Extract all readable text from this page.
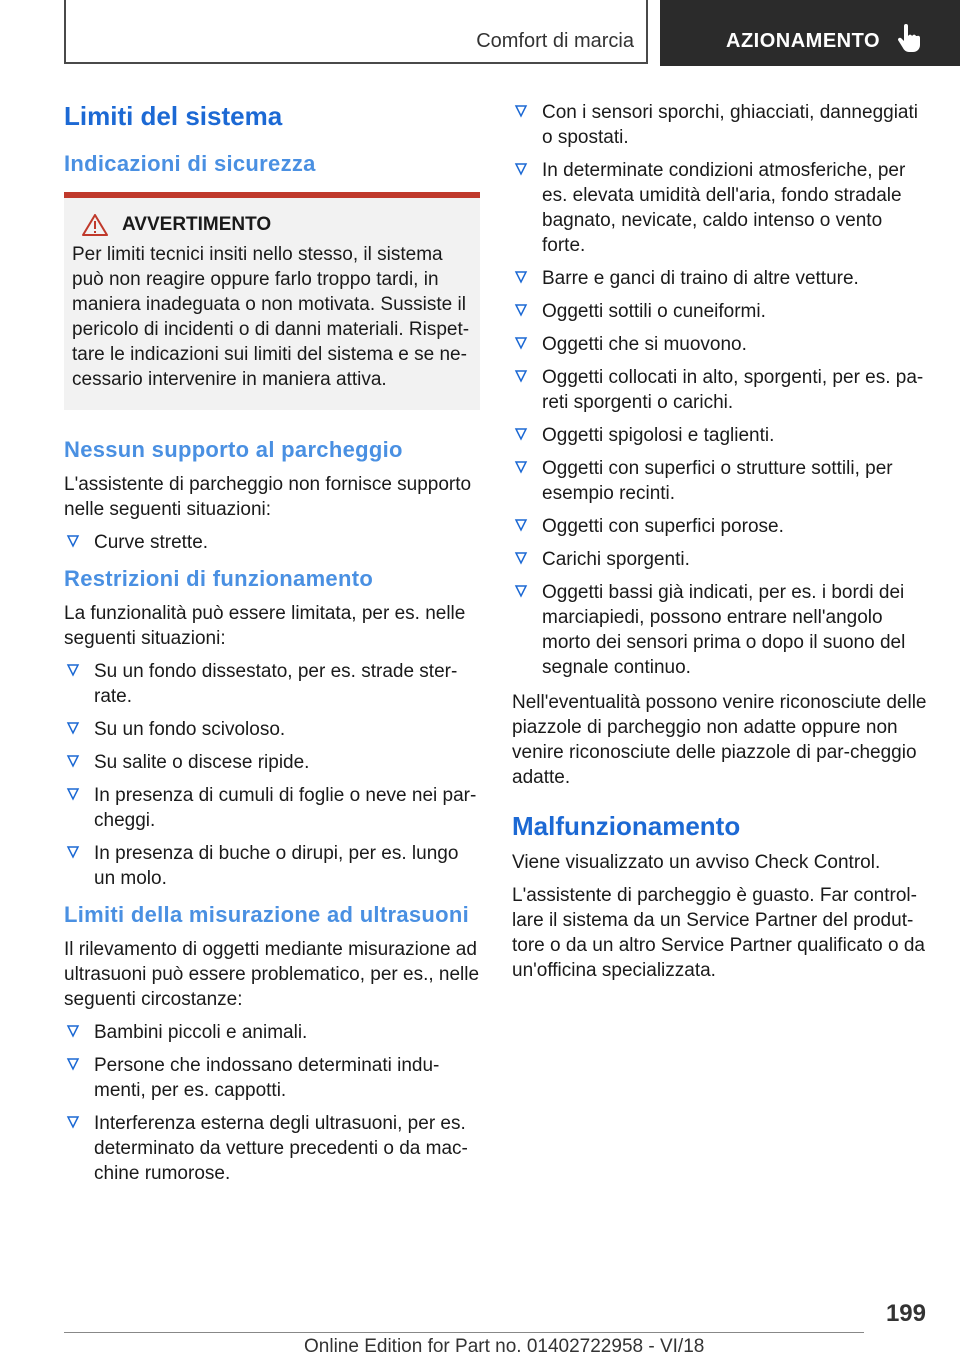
Comfort di marcia	AZIONAMENTO
Limiti del sistema
Indicazioni di sicurezza
AVVERTIMENTO

Per limiti tecnici insiti nello stesso, il sistema può non reagire oppure farlo troppo tardi, in maniera inadeguata o non motivata. Sussiste il pericolo di incidenti o di danni materiali. Rispet-tare le indicazioni sui limiti del sistema e se ne-cessario intervenire in maniera attiva.

Nessun supporto al parcheggio

L'assistente di parcheggio non fornisce supporto nelle seguenti situazioni:

Curve strette.
Restrizioni di funzionamento

La funzionalità può essere limitata, per es. nelle seguenti situazioni:

Su un fondo dissestato, per es. strade ster-rate.
Su un fondo scivoloso.
Su salite o discese ripide.
In presenza di cumuli di foglie o neve nei par-cheggi.
In presenza di buche o dirupi, per es. lungo un molo.
Limiti della misurazione ad ultrasuoni

Il rilevamento di oggetti mediante misurazione ad ultrasuoni può essere problematico, per es., nelle seguenti circostanze:

Bambini piccoli e animali.
Persone che indossano determinati indu-menti, per es. cappotti.
Interferenza esterna degli ultrasuoni, per es. determinato da vetture precedenti o da mac-chine rumorose.
Con i sensori sporchi, ghiacciati, danneggiati o spostati.
In determinate condizioni atmosferiche, per es. elevata umidità dell'aria, fondo stradale bagnato, nevicate, caldo intenso o vento forte.
Barre e ganci di traino di altre vetture.
Oggetti sottili o cuneiformi.
Oggetti che si muovono.
Oggetti collocati in alto, sporgenti, per es. pa-reti sporgenti o carichi.
Oggetti spigolosi e taglienti.
Oggetti con superfici o strutture sottili, per esempio recinti.
Oggetti con superfici porose.
Carichi sporgenti.
Oggetti bassi già indicati, per es. i bordi dei marciapiedi, possono entrare nell'angolo morto dei sensori prima o dopo il suono del segnale continuo.

Nell'eventualità possono venire riconosciute delle piazzole di parcheggio non adatte oppure non venire riconosciute delle piazzole di par-cheggio adatte.

Malfunzionamento

Viene visualizzato un avviso Check Control.

L'assistente di parcheggio è guasto. Far control-lare il sistema da un Service Partner del produt-tore o da un altro Service Partner qualificato o da un'officina specializzata.

199
Online Edition for Part no. 01402722958 - VI/18
